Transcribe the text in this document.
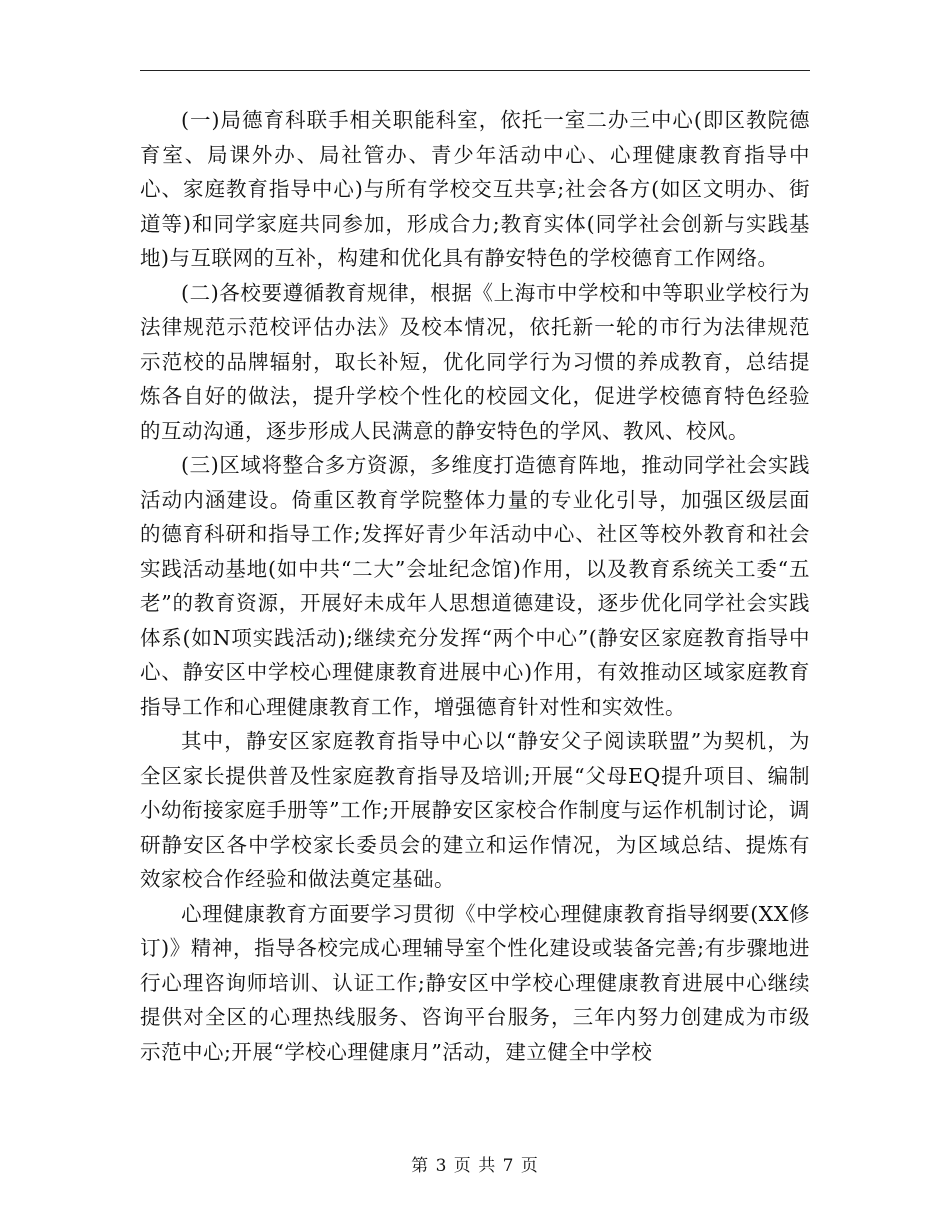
(一)局德育科联手相关职能科室，依托一室二办三中心(即区教院德育室、局课外办、局社管办、青少年活动中心、心理健康教育指导中心、家庭教育指导中心)与所有学校交互共享;社会各方(如区文明办、街道等)和同学家庭共同参加，形成合力;教育实体(同学社会创新与实践基地)与互联网的互补，构建和优化具有静安特色的学校德育工作网络。

(二)各校要遵循教育规律，根据《上海市中学校和中等职业学校行为法律规范示范校评估办法》及校本情况，依托新一轮的市行为法律规范示范校的品牌辐射，取长补短，优化同学行为习惯的养成教育，总结提炼各自好的做法，提升学校个性化的校园文化，促进学校德育特色经验的互动沟通，逐步形成人民满意的静安特色的学风、教风、校风。

(三)区域将整合多方资源，多维度打造德育阵地，推动同学社会实践活动内涵建设。倚重区教育学院整体力量的专业化引导，加强区级层面的德育科研和指导工作;发挥好青少年活动中心、社区等校外教育和社会实践活动基地(如中共“二大”会址纪念馆)作用，以及教育系统关工委“五老”的教育资源，开展好未成年人思想道德建设，逐步优化同学社会实践体系(如N项实践活动);继续充分发挥“两个中心”(静安区家庭教育指导中心、静安区中学校心理健康教育进展中心)作用，有效推动区域家庭教育指导工作和心理健康教育工作，增强德育针对性和实效性。

其中，静安区家庭教育指导中心以“静安父子阅读联盟”为契机，为全区家长提供普及性家庭教育指导及培训;开展“父母EQ提升项目、编制小幼衔接家庭手册等”工作;开展静安区家校合作制度与运作机制讨论，调研静安区各中学校家长委员会的建立和运作情况，为区域总结、提炼有效家校合作经验和做法奠定基础。

心理健康教育方面要学习贯彻《中学校心理健康教育指导纲要(XX修订)》精神，指导各校完成心理辅导室个性化建设或装备完善;有步骤地进行心理咨询师培训、认证工作;静安区中学校心理健康教育进展中心继续提供对全区的心理热线服务、咨询平台服务，三年内努力创建成为市级示范中心;开展“学校心理健康月”活动，建立健全中学校

第 3 页 共 7 页
